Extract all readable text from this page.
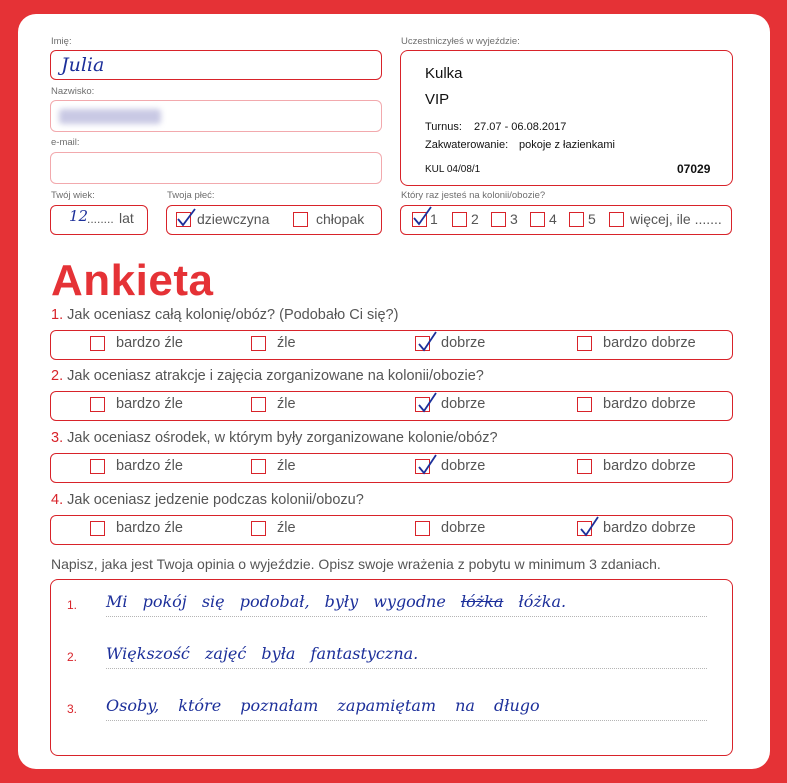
Imię:
Julia
Nazwisko:
e-mail:
Twój wiek:
12
........ lat
Twoja płeć:
dziewczyna	chłopak
Uczestniczyłeś w wyjeździe:
Kulka
VIP
Turnus: 27.07 - 06.08.2017
Zakwaterowanie: pokoje z łazienkami
KUL 04/08/1	07029
Który raz jesteś na kolonii/obozie?
1 2 3 4 5 więcej, ile .......
Ankieta
1. Jak oceniasz całą kolonię/obóz? (Podobało Ci się?)
bardzo źle	źle	dobrze	bardzo dobrze
2. Jak oceniasz atrakcje i zajęcia zorganizowane na kolonii/obozie?
bardzo źle	źle	dobrze	bardzo dobrze
3. Jak oceniasz ośrodek, w którym były zorganizowane kolonie/obóz?
bardzo źle	źle	dobrze	bardzo dobrze
4. Jak oceniasz jedzenie podczas kolonii/obozu?
bardzo źle	źle	dobrze	bardzo dobrze
Napisz, jaka jest Twoja opinia o wyjeździe. Opisz swoje wrażenia z pobytu w minimum 3 zdaniach.
1. Mi pokój się podobał, były wygodne łóżka łóżka.
2. Większość zajęć była fantastyczna.
3. Osoby, które poznałam zapamiętam na długo
